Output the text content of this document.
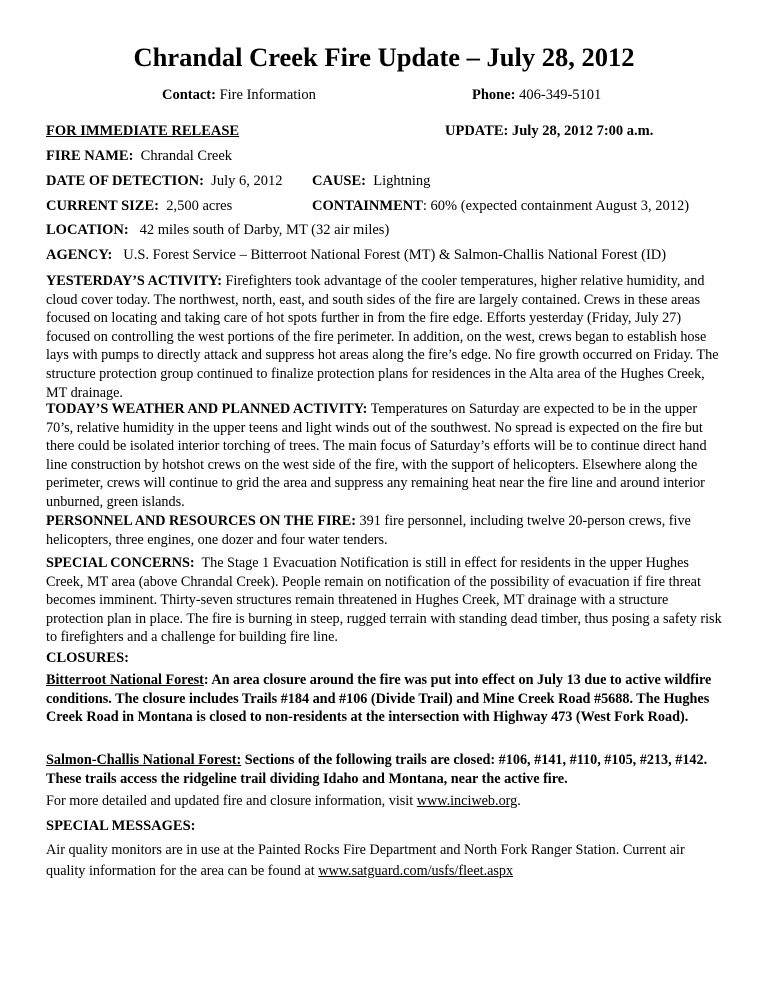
Chrandal Creek Fire Update – July 28, 2012
Contact: Fire Information	Phone: 406-349-5101
FOR IMMEDIATE RELEASE	UPDATE: July 28, 2012 7:00 a.m.
FIRE NAME: Chrandal Creek
DATE OF DETECTION: July 6, 2012 CAUSE: Lightning
CURRENT SIZE: 2,500 acres	CONTAINMENT: 60% (expected containment August 3, 2012)
LOCATION: 42 miles south of Darby, MT (32 air miles)
AGENCY: U.S. Forest Service – Bitterroot National Forest (MT) & Salmon-Challis National Forest (ID)

YESTERDAY’S ACTIVITY: Firefighters took advantage of the cooler temperatures, higher relative humidity, and cloud cover today. The northwest, north, east, and south sides of the fire are largely contained. Crews in these areas focused on locating and taking care of hot spots further in from the fire edge. Efforts yesterday (Friday, July 27) focused on controlling the west portions of the fire perimeter. In addition, on the west, crews began to establish hose lays with pumps to directly attack and suppress hot areas along the fire’s edge. No fire growth occurred on Friday. The structure protection group continued to finalize protection plans for residences in the Alta area of the Hughes Creek, MT drainage.

TODAY’S WEATHER AND PLANNED ACTIVITY: Temperatures on Saturday are expected to be in the upper 70’s, relative humidity in the upper teens and light winds out of the southwest. No spread is expected on the fire but there could be isolated interior torching of trees. The main focus of Saturday’s efforts will be to continue direct hand line construction by hotshot crews on the west side of the fire, with the support of helicopters. Elsewhere along the perimeter, crews will continue to grid the area and suppress any remaining heat near the fire line and around interior unburned, green islands.

PERSONNEL AND RESOURCES ON THE FIRE: 391 fire personnel, including twelve 20-person crews, five helicopters, three engines, one dozer and four water tenders.

SPECIAL CONCERNS: The Stage 1 Evacuation Notification is still in effect for residents in the upper Hughes Creek, MT area (above Chrandal Creek). People remain on notification of the possibility of evacuation if fire threat becomes imminent. Thirty-seven structures remain threatened in Hughes Creek, MT drainage with a structure protection plan in place. The fire is burning in steep, rugged terrain with standing dead timber, thus posing a safety risk to firefighters and a challenge for building fire line.

CLOSURES:

Bitterroot National Forest: An area closure around the fire was put into effect on July 13 due to active wildfire conditions. The closure includes Trails #184 and #106 (Divide Trail) and Mine Creek Road #5688. The Hughes Creek Road in Montana is closed to non-residents at the intersection with Highway 473 (West Fork Road).

Salmon-Challis National Forest: Sections of the following trails are closed: #106, #141, #110, #105, #213, #142. These trails access the ridgeline trail dividing Idaho and Montana, near the active fire.

For more detailed and updated fire and closure information, visit www.inciweb.org.

SPECIAL MESSAGES:

Air quality monitors are in use at the Painted Rocks Fire Department and North Fork Ranger Station. Current air quality information for the area can be found at www.satguard.com/usfs/fleet.aspx
